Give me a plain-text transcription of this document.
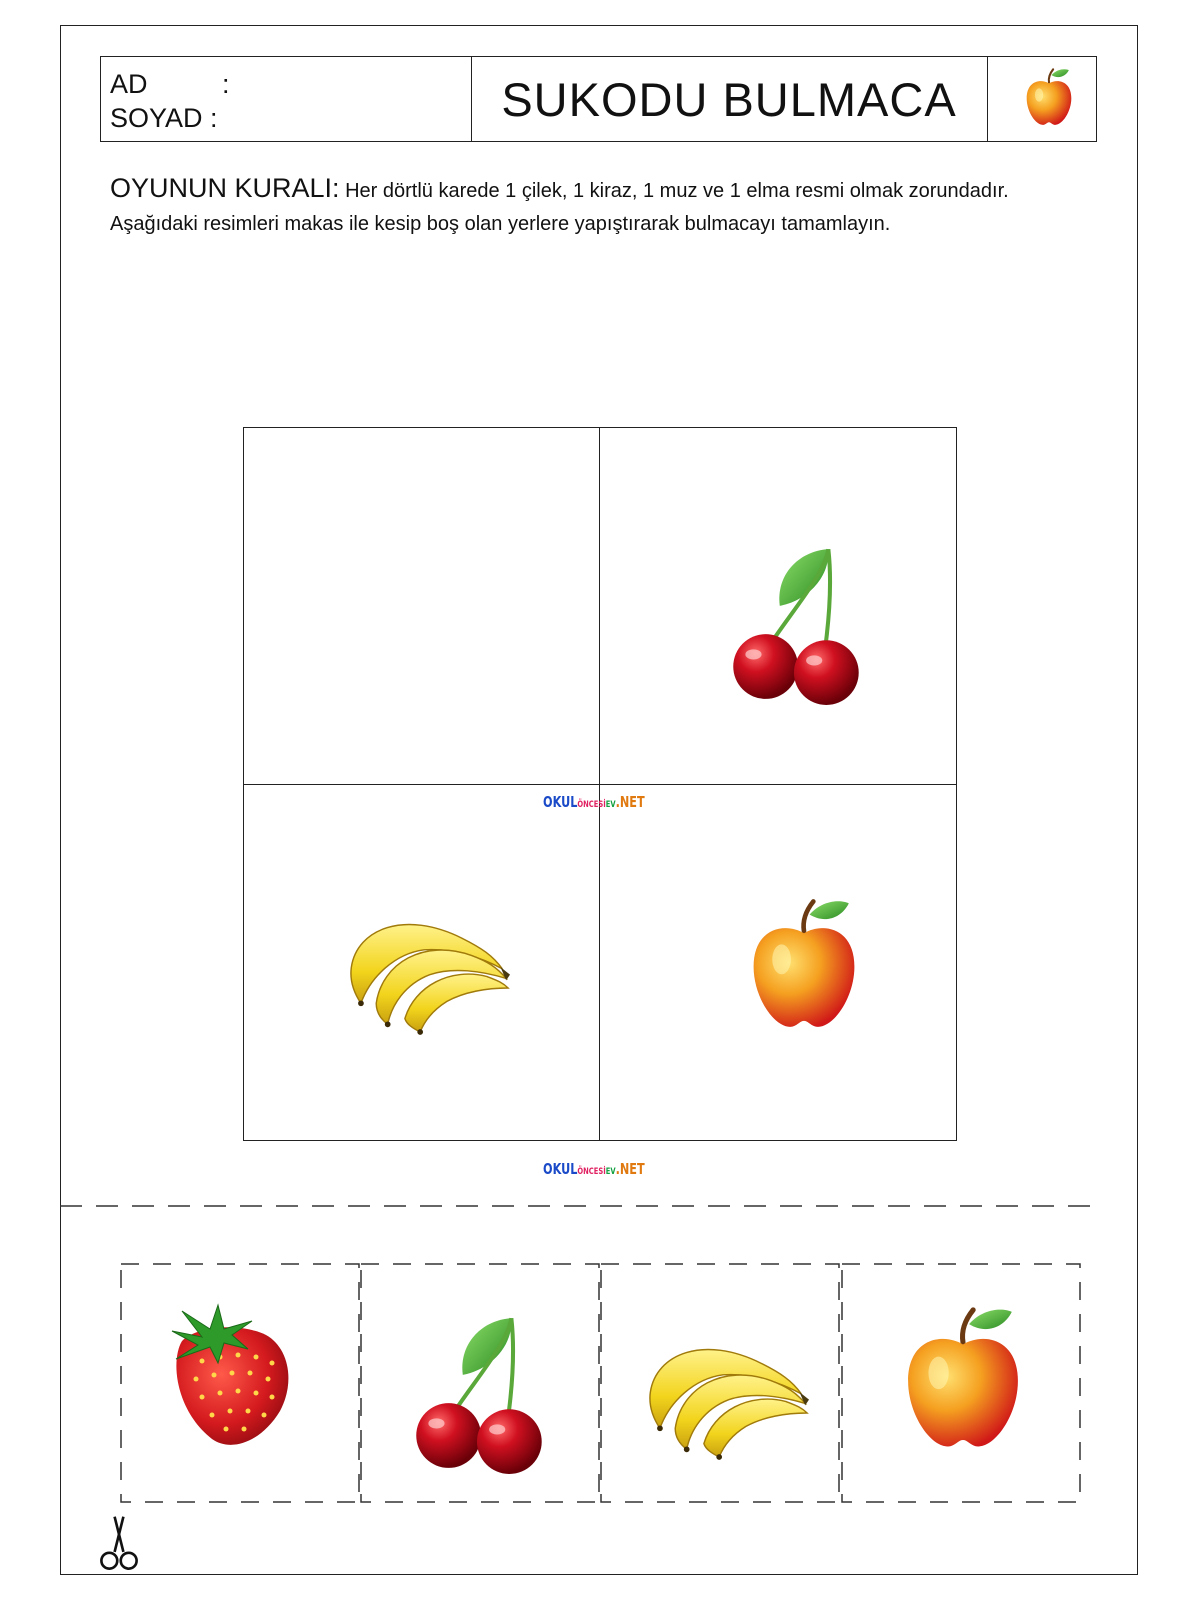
AD	:
SOYAD :	SUKODU BULMACA
OYUNUN KURALI: Her dörtlü karede 1 çilek, 1 kiraz, 1 muz ve 1 elma resmi olmak zorundadır. Aşağıdaki resimleri makas ile kesip boş olan yerlere yapıştırarak bulmacayı tamamlayın.
OKULÖNCESİEV.NET
OKULÖNCESİEV.NET
